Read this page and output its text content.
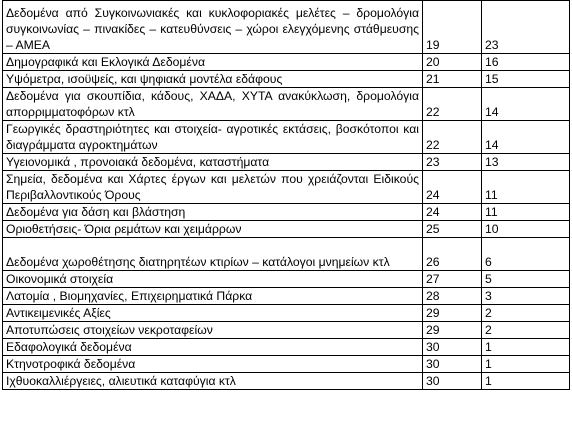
Δεδομένα από Συγκοινωνιακές και κυκλοφοριακές μελέτες – δρομολόγια συγκοινωνίας – πινακίδες – κατευθύνσεις – χώροι ελεγχόμενης στάθμευσης – ΑΜΕΑ	19	23
Δημογραφικά και Εκλογικά Δεδομένα	20	16
Υψόμετρα, ισοϋψείς, και ψηφιακά μοντέλα εδάφους	21	15
Δεδομένα για σκουπίδια, κάδους, ΧΑΔΑ, ΧΥΤΑ ανακύκλωση, δρομολόγια απορριμματοφόρων κτλ	22	14
Γεωργικές δραστηριότητες και στοιχεία- αγροτικές εκτάσεις, βοσκότοποι και διαγράμματα αγροκτημάτων	22	14
Υγειονομικά , προνοιακά δεδομένα, καταστήματα	23	13
Σημεία, δεδομένα και Χάρτες έργων και μελετών που χρειάζονται Ειδικούς Περιβαλλοντικούς Όρους	24	11
Δεδομένα για δάση και βλάστηση	24	11
Οριοθετήσεις- Όρια ρεμάτων και χειμάρρων	25	10
Δεδομένα χωροθέτησης διατηρητέων κτιρίων – κατάλογοι μνημείων κτλ	26	6
Οικονομικά στοιχεία	27	5
Λατομία , Βιομηχανίες, Επιχειρηματικά Πάρκα	28	3
Αντικειμενικές Αξίες	29	2
Αποτυπώσεις στοιχείων νεκροταφείων	29	2
Εδαφολογικά δεδομένα	30	1
Κτηνοτροφικά δεδομένα	30	1
Ιχθυοκαλλιέργειες, αλιευτικά καταφύγια κτλ	30	1
